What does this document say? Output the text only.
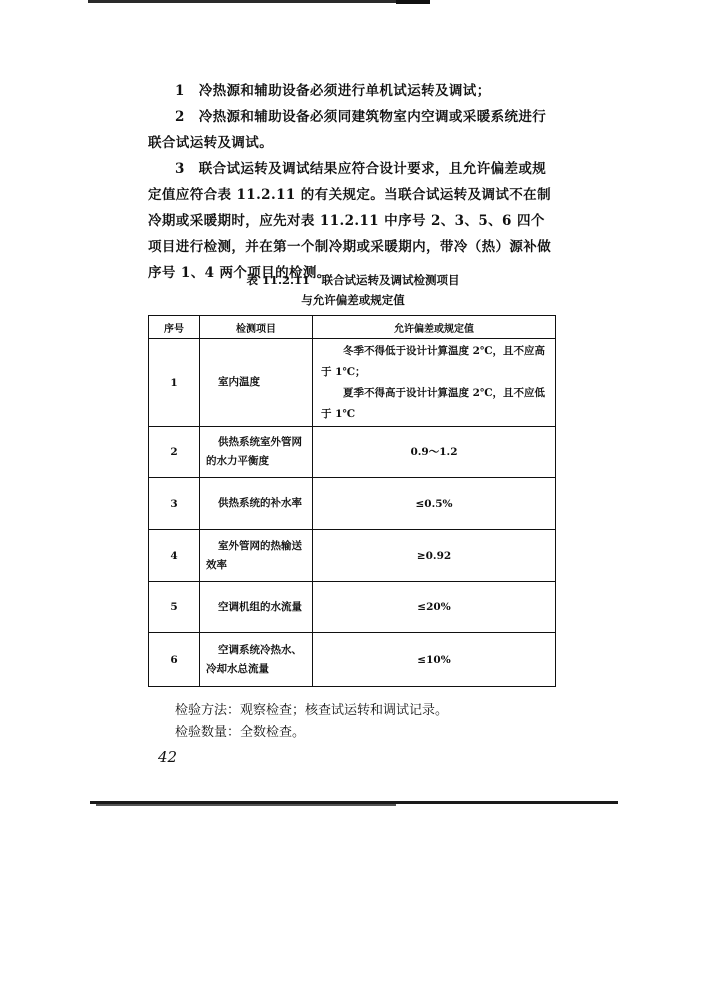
1　冷热源和辅助设备必须进行单机试运转及调试；
2　冷热源和辅助设备必须同建筑物室内空调或采暖系统进行联合试运转及调试。
3　联合试运转及调试结果应符合设计要求，且允许偏差或规定值应符合表 11.2.11 的有关规定。当联合试运转及调试不在制冷期或采暖期时，应先对表 11.2.11 中序号 2、3、5、6 四个项目进行检测，并在第一个制冷期或采暖期内，带冷（热）源补做序号 1、4 两个项目的检测。
表 11.2.11　联合试运转及调试检测项目
与允许偏差或规定值
序号	检测项目	允许偏差或规定值
1	室内温度	冬季不得低于设计计算温度 2℃，且不应高于 1℃；
夏季不得高于设计计算温度 2℃，且不应低于 1℃

2	供热系统室外管网的水力平衡度	0.9～1.2
3	供热系统的补水率	≤0.5%
4	室外管网的热输送效率	≥0.92
5	空调机组的水流量	≤20%
6	空调系统冷热水、冷却水总流量	≤10%
检验方法：观察检查；核查试运转和调试记录。
检验数量：全数检查。
42
